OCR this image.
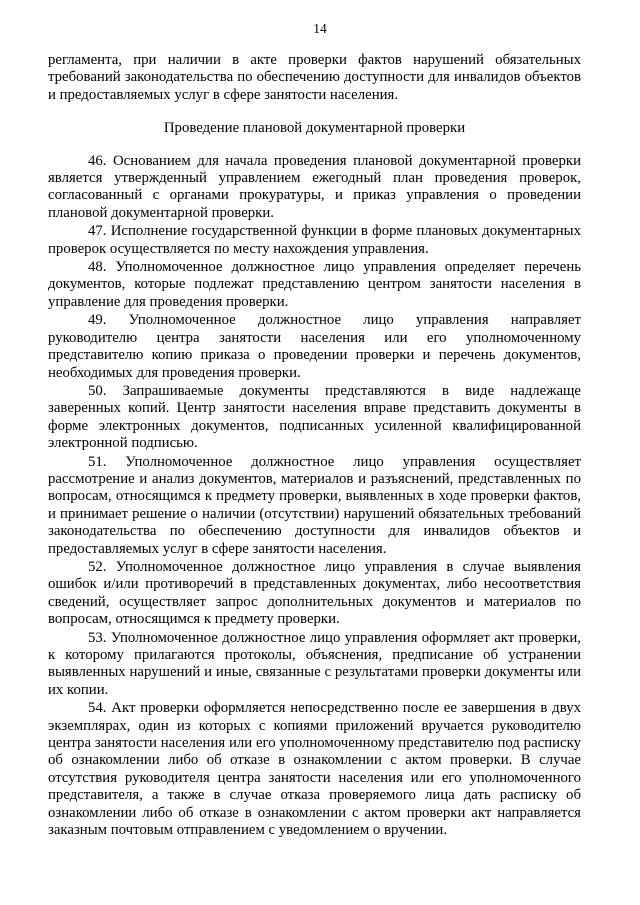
14

регламента, при наличии в акте проверки фактов нарушений обязательных требований законодательства по обеспечению доступности для инвалидов объектов и предоставляемых услуг в сфере занятости населения.

Проведение плановой документарной проверки

46. Основанием для начала проведения плановой документарной проверки является утвержденный управлением ежегодный план проведения проверок, согласованный с органами прокуратуры, и приказ управления о проведении плановой документарной проверки.

47. Исполнение государственной функции в форме плановых документарных проверок осуществляется по месту нахождения управления.

48. Уполномоченное должностное лицо управления определяет перечень документов, которые подлежат представлению центром занятости населения в управление для проведения проверки.

49. Уполномоченное должностное лицо управления направляет руководителю центра занятости населения или его уполномоченному представителю копию приказа о проведении проверки и перечень документов, необходимых для проведения проверки.

50. Запрашиваемые документы представляются в виде надлежаще заверенных копий. Центр занятости населения вправе представить документы в форме электронных документов, подписанных усиленной квалифицированной электронной подписью.

51. Уполномоченное должностное лицо управления осуществляет рассмотрение и анализ документов, материалов и разъяснений, представленных по вопросам, относящимся к предмету проверки, выявленных в ходе проверки фактов, и принимает решение о наличии (отсутствии) нарушений обязательных требований законодательства по обеспечению доступности для инвалидов объектов и предоставляемых услуг в сфере занятости населения.

52. Уполномоченное должностное лицо управления в случае выявления ошибок и/или противоречий в представленных документах, либо несоответствия сведений, осуществляет запрос дополнительных документов и материалов по вопросам, относящимся к предмету проверки.

53. Уполномоченное должностное лицо управления оформляет акт проверки, к которому прилагаются протоколы, объяснения, предписание об устранении выявленных нарушений и иные, связанные с результатами проверки документы или их копии.

54. Акт проверки оформляется непосредственно после ее завершения в двух экземплярах, один из которых с копиями приложений вручается руководителю центра занятости населения или его уполномоченному представителю под расписку об ознакомлении либо об отказе в ознакомлении с актом проверки. В случае отсутствия руководителя центра занятости населения или его уполномоченного представителя, а также в случае отказа проверяемого лица дать расписку об ознакомлении либо об отказе в ознакомлении с актом проверки акт направляется заказным почтовым отправлением с уведомлением о вручении.
